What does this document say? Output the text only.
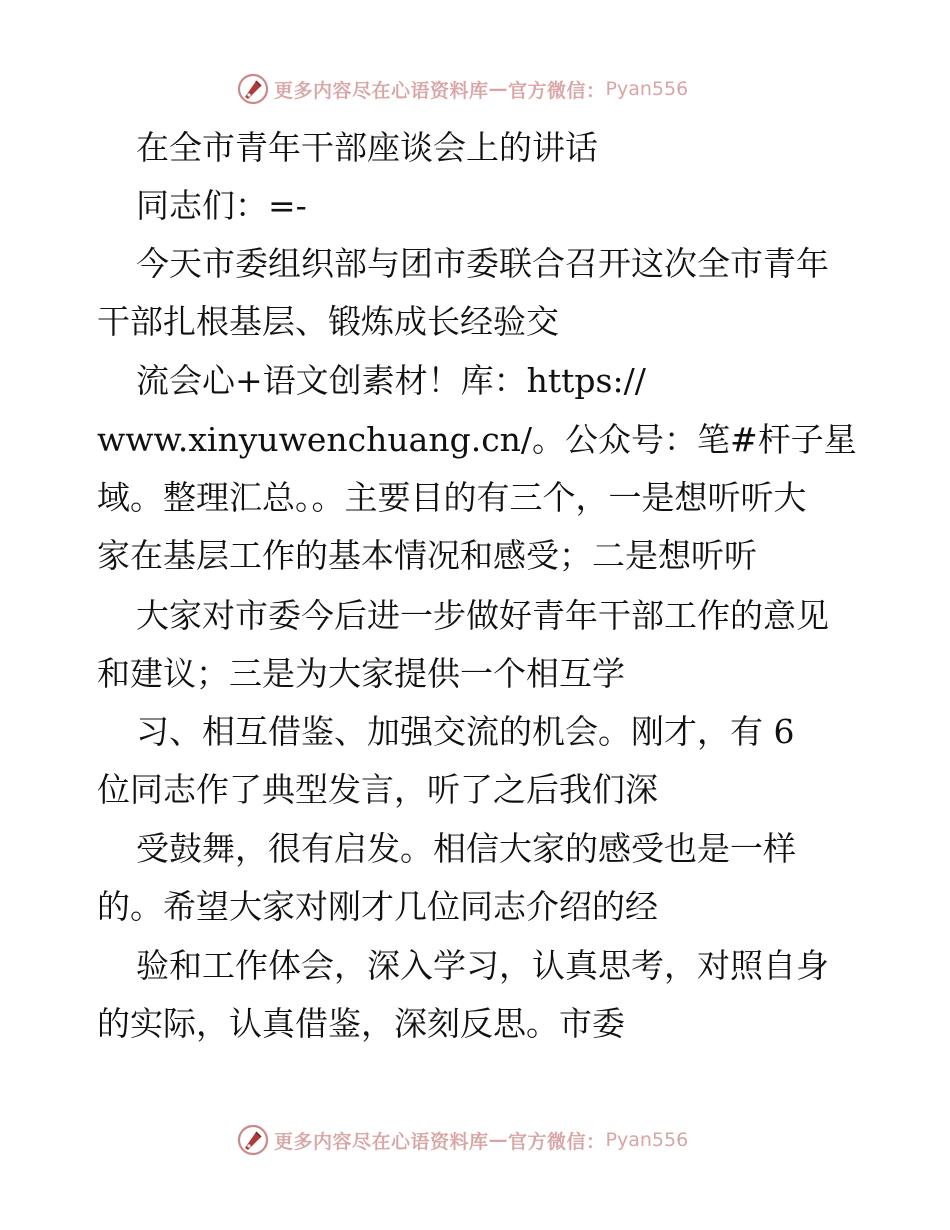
更多内容尽在心语资料库 — 官方微信： Pyan556

在全市青年干部座谈会上的讲话

同志们：=-

今天市委组织部与团市委联合召开这次全市青年

干部扎根基层、锻炼成长经验交

流会心+语文创素材！库：https://

www.xinyuwenchuang.cn/。公众号：笔#杆子星

域。整理汇总。。主要目的有三个，一是想听听大

家在基层工作的基本情况和感受；二是想听听

大家对市委今后进一步做好青年干部工作的意见

和建议；三是为大家提供一个相互学

习、相互借鉴、加强交流的机会。刚才，有 6

位同志作了典型发言，听了之后我们深

受鼓舞，很有启发。相信大家的感受也是一样

的。希望大家对刚才几位同志介绍的经

验和工作体会，深入学习，认真思考，对照自身

的实际，认真借鉴，深刻反思。市委

更多内容尽在心语资料库 — 官方微信： Pyan556
